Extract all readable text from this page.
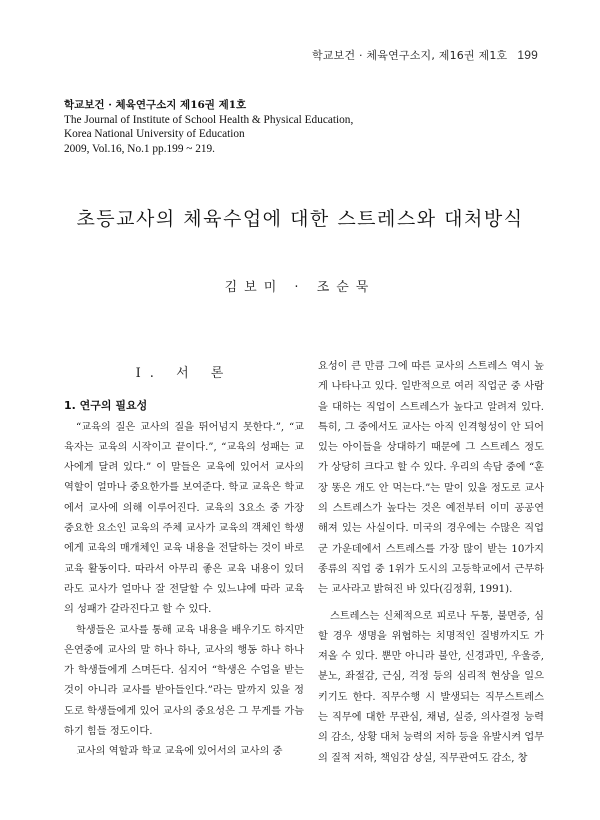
학교보건 · 체육연구소지, 제16권 제1호 199
학교보건 · 체육연구소지 제16권 제1호
The Journal of Institute of School Health & Physical Education,
Korea National University of Education
2009, Vol.16, No.1 pp.199 ~ 219.
초등교사의 체육수업에 대한 스트레스와 대처방식
김보미 · 조순묵
Ⅰ. 서 론
1. 연구의 필요성

“교육의 질은 교사의 질을 뛰어넘지 못한다.”, “교육자는 교육의 시작이고 끝이다.”, “교육의 성패는 교사에게 달려 있다.” 이 말들은 교육에 있어서 교사의 역할이 얼마나 중요한가를 보여준다. 학교 교육은 학교에서 교사에 의해 이루어진다. 교육의 3요소 중 가장 중요한 요소인 교육의 주체 교사가 교육의 객체인 학생에게 교육의 매개체인 교육 내용을 전달하는 것이 바로 교육 활동이다. 따라서 아무리 좋은 교육 내용이 있더라도 교사가 얼마나 잘 전달할 수 있느냐에 따라 교육의 성패가 갈라진다고 할 수 있다.

학생들은 교사를 통해 교육 내용을 배우기도 하지만 은연중에 교사의 말 하나 하나, 교사의 행동 하나 하나가 학생들에게 스며든다. 심지어 “학생은 수업을 받는 것이 아니라 교사를 받아들인다.”라는 말까지 있을 정도로 학생들에게 있어 교사의 중요성은 그 무게를 가늠하기 힘들 정도이다.

교사의 역할과 학교 교육에 있어서의 교사의 중

요성이 큰 만큼 그에 따른 교사의 스트레스 역시 높게 나타나고 있다. 일반적으로 여러 직업군 중 사람을 대하는 직업이 스트레스가 높다고 알려져 있다. 특히, 그 중에서도 교사는 아직 인격형성이 안 되어 있는 아이들을 상대하기 때문에 그 스트레스 정도가 상당히 크다고 할 수 있다. 우리의 속담 중에 “훈장 똥은 개도 안 먹는다.”는 말이 있을 정도로 교사의 스트레스가 높다는 것은 예전부터 이미 공공연해져 있는 사실이다. 미국의 경우에는 수많은 직업군 가운데에서 스트레스를 가장 많이 받는 10가지 종류의 직업 중 1위가 도시의 고등학교에서 근무하는 교사라고 밝혀진 바 있다(김정휘, 1991).

스트레스는 신체적으로 피로나 두통, 불면증, 심할 경우 생명을 위협하는 치명적인 질병까지도 가져올 수 있다. 뿐만 아니라 불안, 신경과민, 우울증, 분노, 좌절감, 근심, 걱정 등의 심리적 현상을 일으키기도 한다. 직무수행 시 발생되는 직무스트레스는 직무에 대한 무관심, 채념, 실증, 의사결정 능력의 감소, 상황 대처 능력의 저하 등을 유발시켜 업무의 질적 저하, 책임감 상실, 직무관여도 감소, 창
